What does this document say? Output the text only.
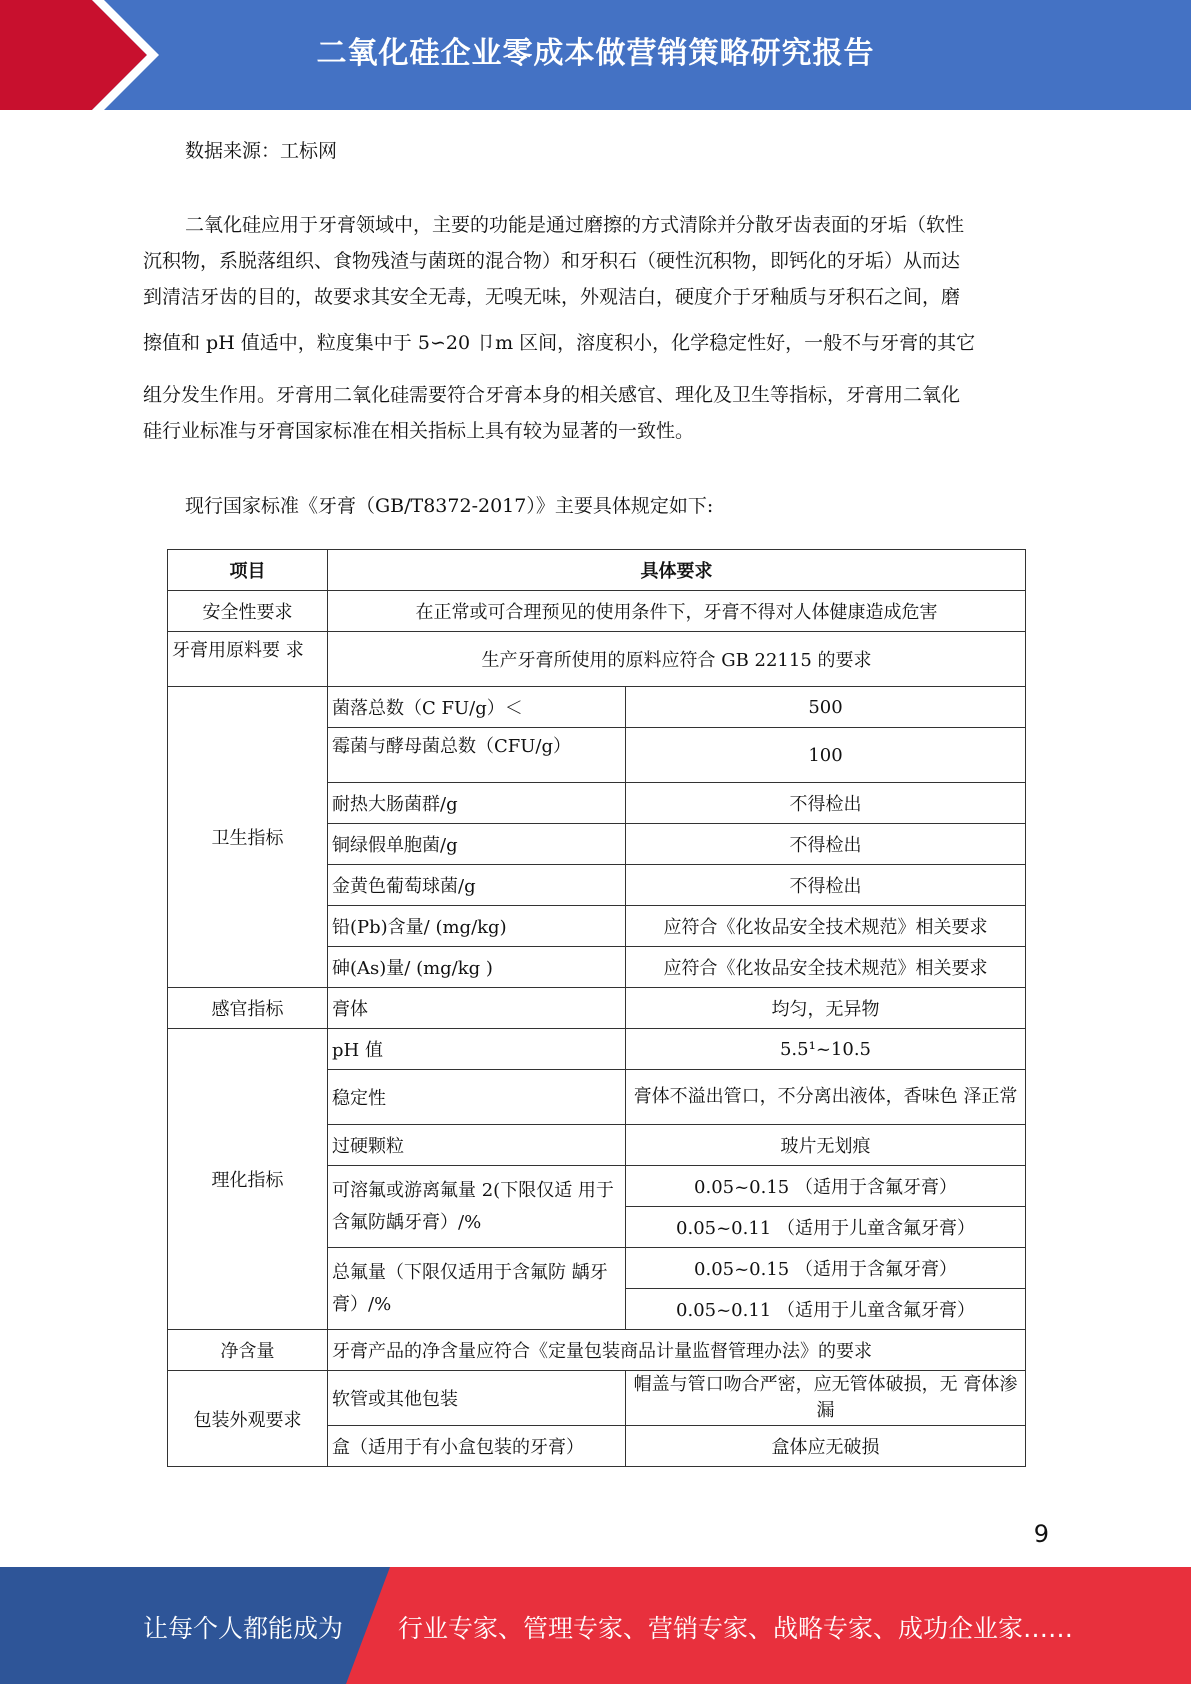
二氧化硅企业零成本做营销策略研究报告
数据来源：工标网
二氧化硅应用于牙膏领域中，主要的功能是通过磨擦的方式清除并分散牙齿表面的牙垢（软性
沉积物，系脱落组织、食物残渣与菌斑的混合物）和牙积石（硬性沉积物，即钙化的牙垢）从而达
到清洁牙齿的目的，故要求其安全无毒，无嗅无味，外观洁白，硬度介于牙釉质与牙积石之间，磨
擦值和 pH 值适中，粒度集中于 5∽20 卩m 区间，溶度积小，化学稳定性好，一般不与牙膏的其它
组分发生作用。牙膏用二氧化硅需要符合牙膏本身的相关感官、理化及卫生等指标，牙膏用二氧化
硅行业标准与牙膏国家标准在相关指标上具有较为显著的一致性。
现行国家标准《牙膏（GB/T8372-2017）》主要具体规定如下:
项目	具体要求	
安全性要求	在正常或可合理预见的使用条件下，牙膏不得对人体健康造成危害	
牙膏用原料要 求	生产牙膏所使用的原料应符合 GB 22115 的要求	
卫生指标	菌落总数（C FU/g）＜	500
	霉菌与酵母菌总数（CFU/g）	100
	耐热大肠菌群/g	不得检出
	铜绿假单胞菌/g	不得检出
	金黄色葡萄球菌/g	不得检出
	铅(Pb)含量/ (mg/kg)	应符合《化妆品安全技术规范》相关要求
	砷(As)量/ (mg/kg )	应符合《化妆品安全技术规范》相关要求
感官指标	膏体	均匀，无异物
理化指标	pH 值	5.5¹~10.5
	稳定性	膏体不溢出管口，不分离出液体，香味色 泽正常
	过硬颗粒	玻片无划痕
	可溶氟或游离氟量 2(下限仅适 用于含氟防龋牙膏）/%	0.05~0.15 （适用于含氟牙膏）
		0.05~0.11 （适用于儿童含氟牙膏）
	总氟量（下限仅适用于含氟防 龋牙膏）/%	0.05~0.15 （适用于含氟牙膏）
		0.05~0.11 （适用于儿童含氟牙膏）
净含量	牙膏产品的净含量应符合《定量包装商品计量监督管理办法》的要求	
包装外观要求	软管或其他包装	帽盖与管口吻合严密，应无管体破损，无 膏体渗漏
	盒（适用于有小盒包装的牙膏）	盒体应无破损
9
让每个人都能成为 行业专家、管理专家、营销专家、战略专家、成功企业家……
